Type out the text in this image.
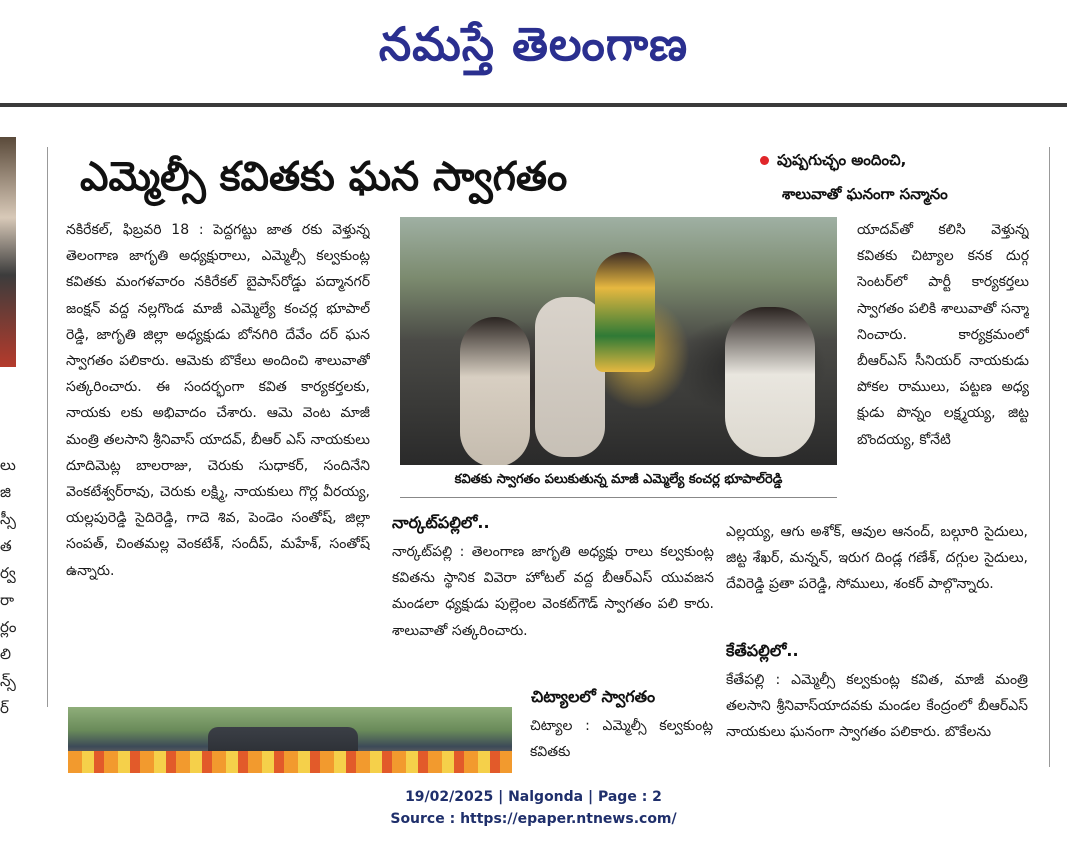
నమస్తే తెలంగాణ
లు
జి
స్సీ
త
ర్వ
రా
ర్లం
లి
న్స్
ర్
ఎమ్మెల్సీ కవితకు ఘన స్వాగతం	పుష్పగుచ్ఛం అందించి,
శాలువాతో ఘనంగా సన్మానం
నకిరేకల్, ఫిబ్రవరి 18 : పెద్దగట్టు జాత రకు వెళ్తున్న తెలంగాణ జాగృతి అధ్యక్షురాలు, ఎమ్మెల్సీ కల్వకుంట్ల కవితకు మంగళవారం నకిరేకల్ బైపాస్‌రోడ్డు పద్మానగర్ జంక్షన్ వద్ద నల్లగొండ మాజీ ఎమ్మెల్యే కంచర్ల భూపాల్ రెడ్డి, జాగృతి జిల్లా అధ్యక్షుడు బోనగిరి దేవేం దర్ ఘన స్వాగతం పలికారు. ఆమెకు బొకేలు అందించి శాలువాతో సత్కరించారు. ఈ సందర్భంగా కవిత కార్యకర్తలకు, నాయకు లకు అభివాదం చేశారు. ఆమె వెంట మాజీ మంత్రి తలసాని శ్రీనివాస్ యాదవ్, బీఆర్ ఎస్ నాయకులు దూదిమెట్ల బాలరాజు, చెరుకు సుధాకర్, సందినేని వెంకటేశ్వర్‌రావు, చెరుకు లక్ష్మి, నాయకులు గొర్ల వీరయ్య, యల్లపురెడ్డి సైదిరెడ్డి, గాదె శివ, పెండెం సంతోష్, జిల్లా సంపత్, చింతమల్ల వెంకటేశ్, సందీప్, మహేశ్, సంతోష్ ఉన్నారు.
కవితకు స్వాగతం పలుకుతున్న మాజీ ఎమ్మెల్యే కంచర్ల భూపాల్‌రెడ్డి
యాదవ్‌తో కలిసి వెళ్తున్న కవితకు చిట్యాల కనక దుర్గ సెంటర్‌లో పార్టీ కార్యకర్తలు స్వాగతం పలికి శాలువాతో సన్మా నించారు. కార్యక్రమంలో బీఆర్ఎస్ సీనియర్ నాయకుడు పోకల రాములు, పట్టణ అధ్య క్షుడు పొన్నం లక్ష్మయ్య, జిట్ట బొందయ్య, కోనేటి
ఎల్లయ్య, ఆగు అశోక్, ఆవుల ఆనంద్, బల్గూరి సైదులు, జిట్ట శేఖర్, మన్నన్, ఇరుగ దిండ్ల గణేశ్, దగ్గుల సైదులు, దేవిరెడ్డి ప్రతా పరెడ్డి, సోములు, శంకర్ పాల్గొన్నారు.
నార్కట్‌పల్లిలో..
నార్కట్‌పల్లి : తెలంగాణ జాగృతి అధ్యక్షు రాలు కల్వకుంట్ల కవితను స్థానిక వివెరా హోటల్ వద్ద బీఆర్ఎస్ యువజన మండలా ధ్యక్షుడు పుల్లెంల వెంకట్‌గౌడ్ స్వాగతం పలి కారు. శాలువాతో సత్కరించారు.
చిట్యాలలో స్వాగతం
చిట్యాల : ఎమ్మెల్సీ కల్వకుంట్ల కవితకు
కేతేపల్లిలో..
కేతేపల్లి : ఎమ్మెల్సీ కల్వకుంట్ల కవిత, మాజీ మంత్రి తలసాని శ్రీనివాస్‌యాదవకు మండల కేంద్రంలో బీఆర్ఎస్ నాయకులు ఘనంగా స్వాగతం పలికారు. బొకేలను
19/02/2025 | Nalgonda | Page : 2
Source : https://epaper.ntnews.com/
